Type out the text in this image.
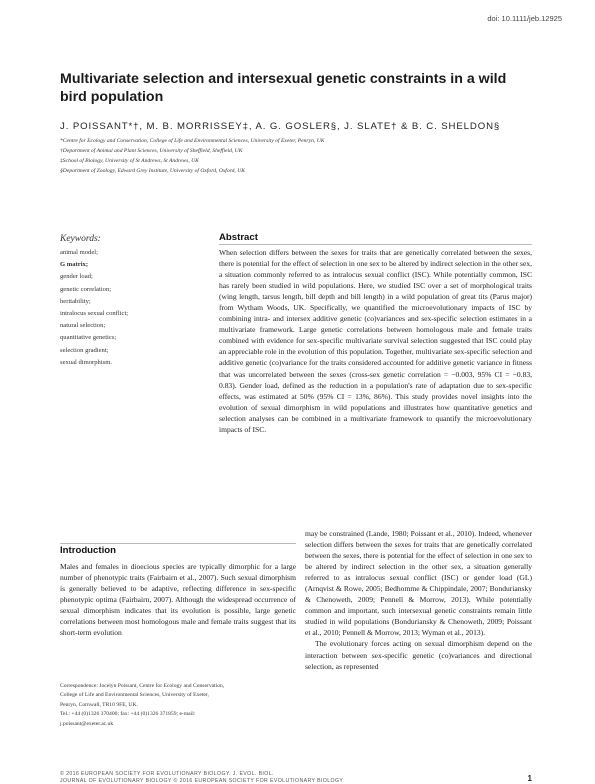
doi: 10.1111/jeb.12925
Multivariate selection and intersexual genetic constraints in a wild bird population
J. POISSANT*†, M. B. MORRISSEY‡, A. G. GOSLER§, J. SLATE† & B. C. SHELDON§
*Centre for Ecology and Conservation, College of Life and Environmental Sciences, University of Exeter, Penryn, UK
†Department of Animal and Plant Sciences, University of Sheffield, Sheffield, UK
‡School of Biology, University of St Andrews, St Andrews, UK
§Department of Zoology, Edward Grey Institute, University of Oxford, Oxford, UK
Keywords:
animal model;
G matrix;
gender load;
genetic correlation;
heritability;
intralocus sexual conflict;
natural selection;
quantitative genetics;
selection gradient;
sexual dimorphism.
Abstract
When selection differs between the sexes for traits that are genetically correlated between the sexes, there is potential for the effect of selection in one sex to be altered by indirect selection in the other sex, a situation commonly referred to as intralocus sexual conflict (ISC). While potentially common, ISC has rarely been studied in wild populations. Here, we studied ISC over a set of morphological traits (wing length, tarsus length, bill depth and bill length) in a wild population of great tits (Parus major) from Wytham Woods, UK. Specifically, we quantified the microevolutionary impacts of ISC by combining intra- and intersex additive genetic (co)variances and sex-specific selection estimates in a multivariate framework. Large genetic correlations between homologous male and female traits combined with evidence for sex-specific multivariate survival selection suggested that ISC could play an appreciable role in the evolution of this population. Together, multivariate sex-specific selection and additive genetic (co)variance for the traits considered accounted for additive genetic variance in fitness that was uncorrelated between the sexes (cross-sex genetic correlation = −0.003, 95% CI = −0.83, 0.83). Gender load, defined as the reduction in a population's rate of adaptation due to sex-specific effects, was estimated at 50% (95% CI = 13%, 86%). This study provides novel insights into the evolution of sexual dimorphism in wild populations and illustrates how quantitative genetics and selection analyses can be combined in a multivariate framework to quantify the microevolutionary impacts of ISC.
Introduction

Males and females in dioecious species are typically dimorphic for a large number of phenotypic traits (Fairbairn et al., 2007). Such sexual dimorphism is generally believed to be adaptive, reflecting difference in sex-specific phenotypic optima (Fairbairn, 2007). Although the widespread occurrence of sexual dimorphism indicates that its evolution is possible, large genetic correlations between most homologous male and female traits suggest that its short-term evolution

may be constrained (Lande, 1980; Poissant et al., 2010). Indeed, whenever selection differs between the sexes for traits that are genetically correlated between the sexes, there is potential for the effect of selection in one sex to be altered by indirect selection in the other sex, a situation generally referred to as intralocus sexual conflict (ISC) or gender load (GL) (Arnqvist & Rowe, 2005; Bedhomme & Chippindale, 2007; Bonduriansky & Chenoweth, 2009; Pennell & Morrow, 2013). While potentially common and important, such intersexual genetic constraints remain little studied in wild populations (Bonduriansky & Chenoweth, 2009; Poissant et al., 2010; Pennell & Morrow, 2013; Wyman et al., 2013).

The evolutionary forces acting on sexual dimorphism depend on the interaction between sex-specific genetic (co)variances and directional selection, as represented

Correspondence: Jocelyn Poissant, Centre for Ecology and Conservation,
College of Life and Environmental Sciences, University of Exeter,
Penryn, Cornwall, TR10 9FE, UK.
Tel.: +44 (0)1326 370400; fax: +44 (0)1326 371859; e-mail:
j.poissant@exeter.ac.uk
© 2016 EUROPEAN SOCIETY FOR EVOLUTIONARY BIOLOGY. J. EVOL. BIOL.
JOURNAL OF EVOLUTIONARY BIOLOGY © 2016 EUROPEAN SOCIETY FOR EVOLUTIONARY BIOLOGY	1
